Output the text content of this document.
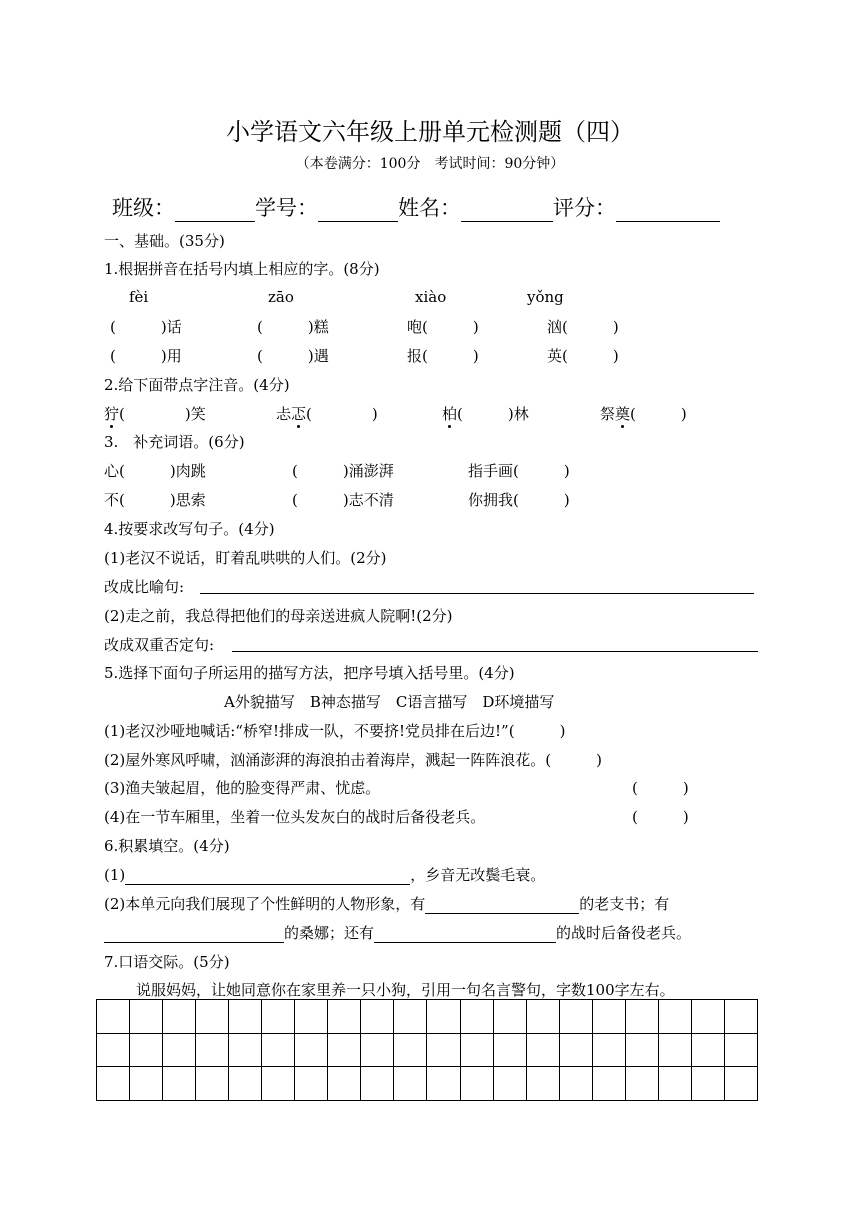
小学语文六年级上册单元检测题（四）
（本卷满分：100分　考试时间：90分钟）
班级：	学号：	姓名：	评分：
一、基础。(35分)
1.根据拼音在括号内填上相应的字。(8分)
fèi	zāo	xiào	yǒng
(　　　)话	(　　　)糕	咆(　　　)	汹(　　　)
(　　　)用	(　　　)遇	报(　　　)	英(　　　)
2.给下面带点字注音。(4分)
狞(　　　　)笑	忐忑(　　　　)	柏(　　　)林	祭奠(　　　)
3.　补充词语。(6分)
心(　　　)肉跳	(　　　)涌澎湃	指手画(　　　)
不(　　　)思索	(　　　)志不清	你拥我(　　　)
4.按要求改写句子。(4分)
(1)老汉不说话，盯着乱哄哄的人们。(2分)
改成比喻句:
(2)走之前，我总得把他们的母亲送进疯人院啊!(2分)
改成双重否定句:
5.选择下面句子所运用的描写方法，把序号填入括号里。(4分)
A外貌描写　B神态描写　C语言描写　D环境描写
(1)老汉沙哑地喊话:“桥窄!排成一队，不要挤!党员排在后边!”(　　　)
(2)屋外寒风呼啸，汹涌澎湃的海浪拍击着海岸，溅起一阵阵浪花。(　　　)
(3)渔夫皱起眉，他的脸变得严肃、忧虑。	(　　　)
(4)在一节车厢里，坐着一位头发灰白的战时后备役老兵。	(　　　)
6.积累填空。(4分)
(1)	，乡音无改鬓毛衰。
(2)本单元向我们展现了个性鲜明的人物形象，有	的老支书；有
的桑娜；还有	的战时后备役老兵。
7.口语交际。(5分)
说服妈妈，让她同意你在家里养一只小狗，引用一句名言警句，字数100字左右。
